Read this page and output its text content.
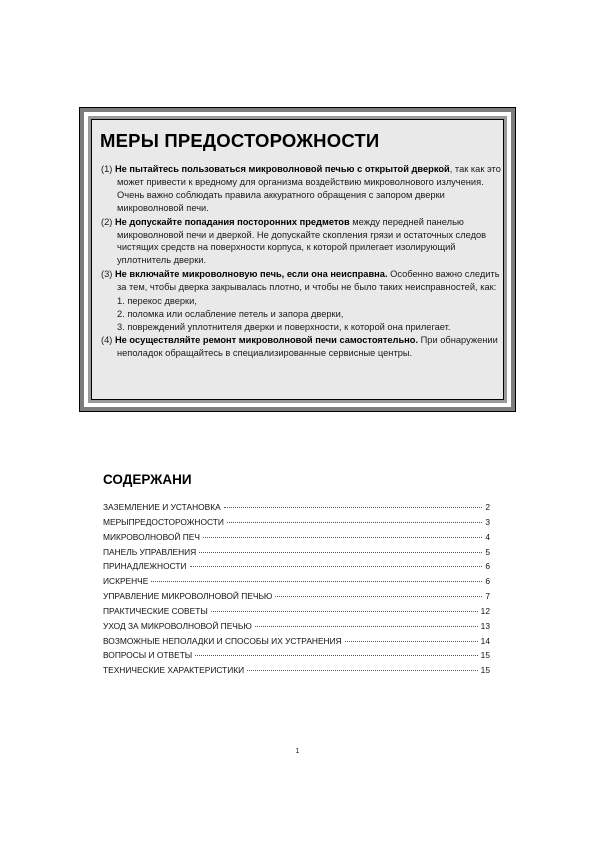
МЕРЫ ПРЕДОСТОРОЖНОСТИ

(1) Не пытайтесь пользоваться микроволновой печью с открытой дверкой, так как это может привести к вредному для организма воздействию микроволнового излучения. Очень важно соблюдать правила аккуратного обращения с запором дверки микроволновой печи.

(2) Не допускайте попадания посторонних предметов между передней панелью микроволновой печи и дверкой. Не допускайте скопления грязи и остаточных следов чистящих средств на поверхности корпуса, к которой прилегает изолирующий уплотнитель дверки.

(3) Не включайте микроволновую печь, если она неисправна. Особенно важно следить за тем, чтобы дверка закрывалась плотно, и чтобы не было таких неисправностей, как:

1. перекос дверки,
2. поломка или ослабление петель и запора дверки,
3. повреждений уплотнителя дверки и поверхности, к которой она прилегает.

(4) Не осуществляйте ремонт микроволновой печи самостоятельно. При обнаружении неполадок обращайтесь в специализированные сервисные центры.

СОДЕРЖАНИ
ЗАЗЕМЛЕНИЕ И УСТАНОВКА	2
МЕРЫПРЕДОСТОРОЖНОСТИ	3
МИКРОВОЛНОВОЙ ПЕЧ	4
ПАНЕЛЬ УПРАВЛЕНИЯ	5
ПРИНАДЛЕЖНОСТИ	6
ИСКРЕНЧЕ	6
УПРАВЛЕНИЕ МИКРОВОЛНОВОЙ ПЕЧЬЮ	7
ПРАКТИЧЕСКИЕ СОВЕТЫ	12
УХОД ЗА МИКРОВОЛНОВОЙ ПЕЧЬЮ	13
ВОЗМОЖНЫЕ НЕПОЛАДКИ И СПОСОБЫ ИХ УСТРАНЕНИЯ	14
ВОПРОСЫ И ОТВЕТЫ	15
ТЕХНИЧЕСКИЕ ХАРАКТЕРИСТИКИ	15
1
